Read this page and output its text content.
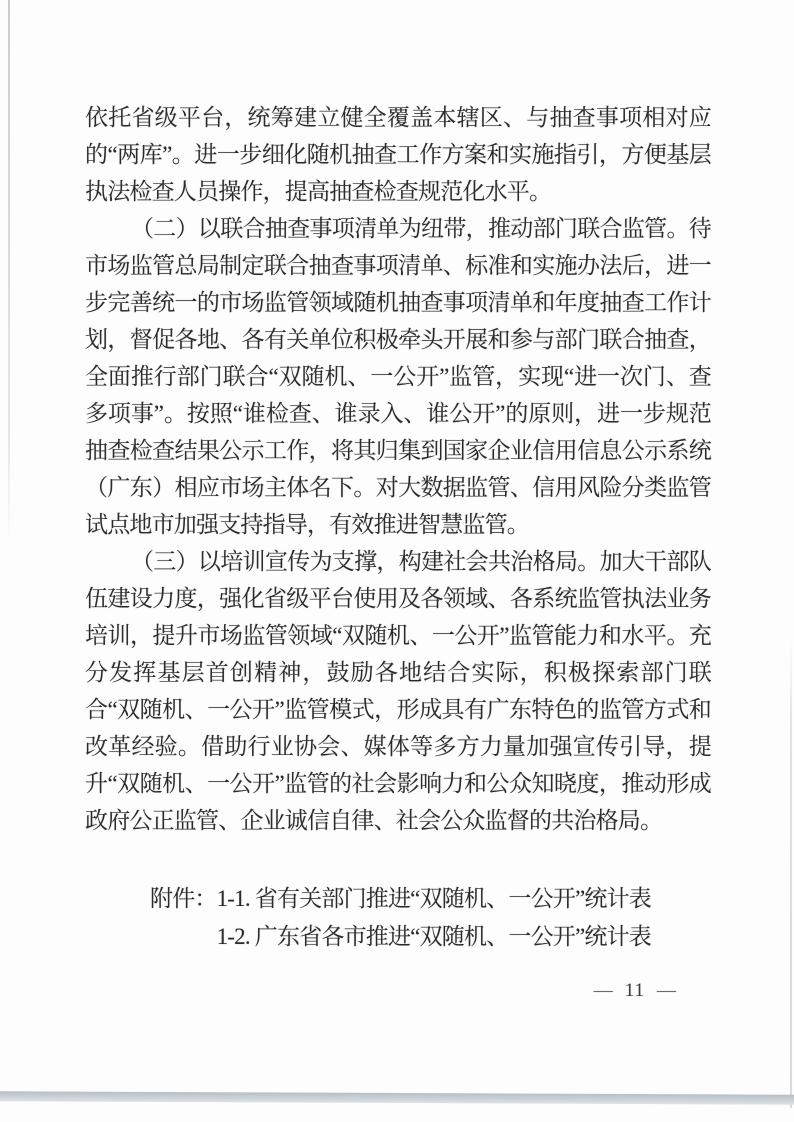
依托省级平台，统筹建立健全覆盖本辖区、与抽查事项相对应的“两库”。进一步细化随机抽查工作方案和实施指引，方便基层执法检查人员操作，提高抽查检查规范化水平。

（二）以联合抽查事项清单为纽带，推动部门联合监管。待市场监管总局制定联合抽查事项清单、标准和实施办法后，进一步完善统一的市场监管领域随机抽查事项清单和年度抽查工作计划，督促各地、各有关单位积极牵头开展和参与部门联合抽查，全面推行部门联合“双随机、一公开”监管，实现“进一次门、查多项事”。按照“谁检查、谁录入、谁公开”的原则，进一步规范抽查检查结果公示工作，将其归集到国家企业信用信息公示系统（广东）相应市场主体名下。对大数据监管、信用风险分类监管试点地市加强支持指导，有效推进智慧监管。

（三）以培训宣传为支撑，构建社会共治格局。加大干部队伍建设力度，强化省级平台使用及各领域、各系统监管执法业务培训，提升市场监管领域“双随机、一公开”监管能力和水平。充分发挥基层首创精神，鼓励各地结合实际，积极探索部门联合“双随机、一公开”监管模式，形成具有广东特色的监管方式和改革经验。借助行业协会、媒体等多方力量加强宣传引导，提升“双随机、一公开”监管的社会影响力和公众知晓度，推动形成政府公正监管、企业诚信自律、社会公众监督的共治格局。

附件： 1-1. 省有关部门推进“双随机、一公开”统计表
1-2. 广东省各市推进“双随机、一公开”统计表
— 11 —
